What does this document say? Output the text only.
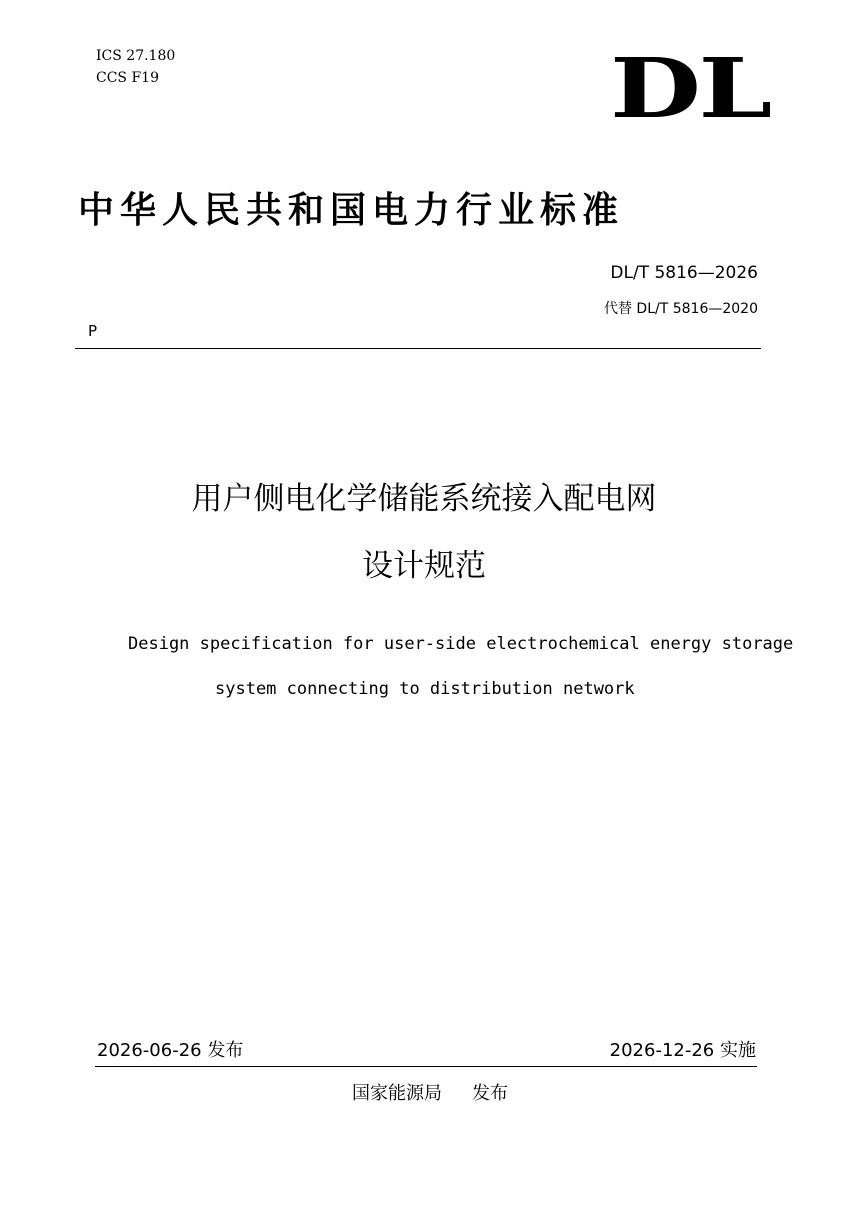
ICS 27.180
CCS F19	DL
中华人民共和国电力行业标准
DL/T 5816—2026
代替 DL/T 5816—2020
P
用户侧电化学储能系统接入配电网
设计规范
Design specification for user-side electrochemical energy storage
system connecting to distribution network
2026-06-26 发布	2026-12-26 实施
国家能源局 发布
